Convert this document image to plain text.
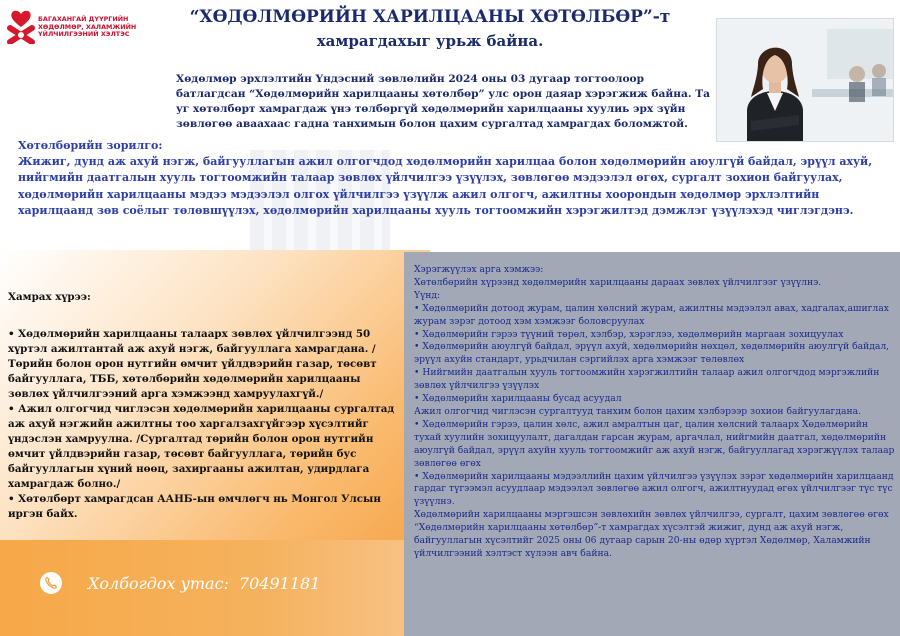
БАГАХАНГАЙ ДҮҮРГИЙН
ХӨДӨЛМӨР, ХАЛАМЖИЙН
ҮЙЛЧИЛГЭЭНИЙ ХЭЛТЭС
“ХӨДӨЛМӨРИЙН ХАРИЛЦААНЫ ХӨТӨЛБӨР”-т
хамрагдахыг урьж байна.
Хөдөлмөр эрхлэлтийн Үндэсний зөвлөлийн 2024 оны 03 дугаар тогтоолоор батлагдсан “Хөдөлмөрийн харилцааны хөтөлбөр” улс орон даяар хэрэгжиж байна. Та уг хөтөлбөрт хамрагдаж үнэ төлбөргүй хөдөлмөрийн харилцааны хуулиь эрх зүйн зөвлөгөө аваахаас гадна танхимын болон цахим сургалтад хамрагдах боломжтой.
Хөтөлбөрийн зорилго:
Жижиг, дунд аж ахуй нэгж, байгууллагын ажил олгогчдод хөдөлмөрийн харилцаа болон хөдөлмөрийн аюулгүй байдал, эрүүл ахуй, нийгмийн даатгалын хууль тогтоомжийн талаар зөвлөх үйлчилгээ үзүүлэх, зөвлөгөө мэдээлэл өгөх, сургалт зохион байгуулах, хөдөлмөрийн харилцааны мэдээ мэдээлэл олгох үйлчилгээ үзүүлж ажил олгогч, ажилтны хоорондын хөдөлмөр эрхлэлтийн харилцаанд зөв соёлыг төлөвшүүлэх, хөдөлмөрийн харилцааны хууль тогтоомжийн хэрэгжилтэд дэмжлэг үзүүлэхэд чиглэгдэнэ.
Хамрах хүрээ:

• Хөдөлмөрийн харилцааны талаарх зөвлөх үйлчилгээнд 50 хүртэл ажилтантай аж ахуй нэгж, байгууллага хамрагдана. /Төрийн болон орон нутгийн өмчит үйлдвэрийн газар, төсөвт байгууллага, ТББ, хөтөлбөрийн хөдөлмөрийн харилцааны зөвлөх үйлчилгээний арга хэмжээнд хамруулахгүй./

• Ажил олгогчид чиглэсэн хөдөлмөрийн харилцааны сургалтад аж ахуй нэгжийн ажилтны тоо харгалзахгүйгээр хүсэлтийг үндэслэн хамруулна. /Сургалтад төрийн болон орон нутгийн өмчит үйлдвэрийн газар, төсөвт байгууллага, төрийн бус байгууллагын хүний нөөц, захиргааны ажилтан, удирдлага хамрагдаж болно./

• Хөтөлбөрт хамрагдсан ААНБ-ын өмчлөгч нь Монгол Улсын иргэн байх.

Холбогдох утас: 70491181

Хэрэгжүүлэх арга хэмжээ:

Хөтөлбөрийн хүрээнд хөдөлмөрийн харилцааны дараах зөвлөх үйлчилгээг үзүүлнэ.

Үүнд:

• Хөдөлмөрийн дотоод журам, цалин хөлсний журам, ажилтны мэдээлэл авах, хадгалах,ашиглах журам зэрэг дотоод хэм хэмжээг боловсруулах

• Хөдөлмөрийн гэрээ түүний төрөл, хэлбэр, хэрэглээ, хөдөлмөрийн маргаан зохицуулах

• Хөдөлмөрийн аюулгүй байдал, эрүүл ахуй, хөдөлмөрийн нөхцөл, хөдөлмөрийн аюулгүй байдал, эрүүл ахуйн стандарт, урьдчилан сэргийлэх арга хэмжээг төлөвлөх

• Нийгмийн даатгалын хууль тогтоомжийн хэрэгжилтийн талаар ажил олгогчдод мэргэжлийн зөвлөх үйлчилгээ үзүүлэх

• Хөдөлмөрийн харилцааны бусад асуудал

Ажил олгогчид чиглэсэн сургалтууд танхим болон цахим хэлбэрээр зохион байгуулагдана.

• Хөдөлмөрийн гэрээ, цалин хөлс, ажил амралтын цаг, цалин хөлсний талаарх Хөдөлмөрийн тухай хуулийн зохицуулалт, дагалдан гарсан журам, аргачлал, нийгмийн даатгал, хөдөлмөрийн аюулгүй байдал, эрүүл ахуйн хууль тогтоомжийг аж ахуй нэгж, байгууллагад хэрэгжүүлэх талаар зөвлөгөө өгөх

• Хөдөлмөрийн харилцааны мэдээллийн цахим үйлчилгээ үзүүлэх зэрэг хөдөлмөрийн харилцаанд гардаг түгээмэл асуудлаар мэдээлэл зөвлөгөө ажил олгогч, ажилтнуудад өгөх үйлчилгээг түс түс үзүүлнэ.

Хөдөлмөрийн харилцааны мэргэшсэн зөвлөхийн зөвлөх үйлчилгээ, сургалт, цахим зөвлөгөө өгөх “Хөдөлмөрийн харилцааны хөтөлбөр”-т хамрагдах хүсэлтэй жижиг, дунд аж ахуй нэгж, байгууллагын хүсэлтийг 2025 оны 06 дугаар сарын 20-ны өдөр хүртэл Хөдөлмөр, Халамжийн үйлчилгээний хэлтэст хүлээн авч байна.
